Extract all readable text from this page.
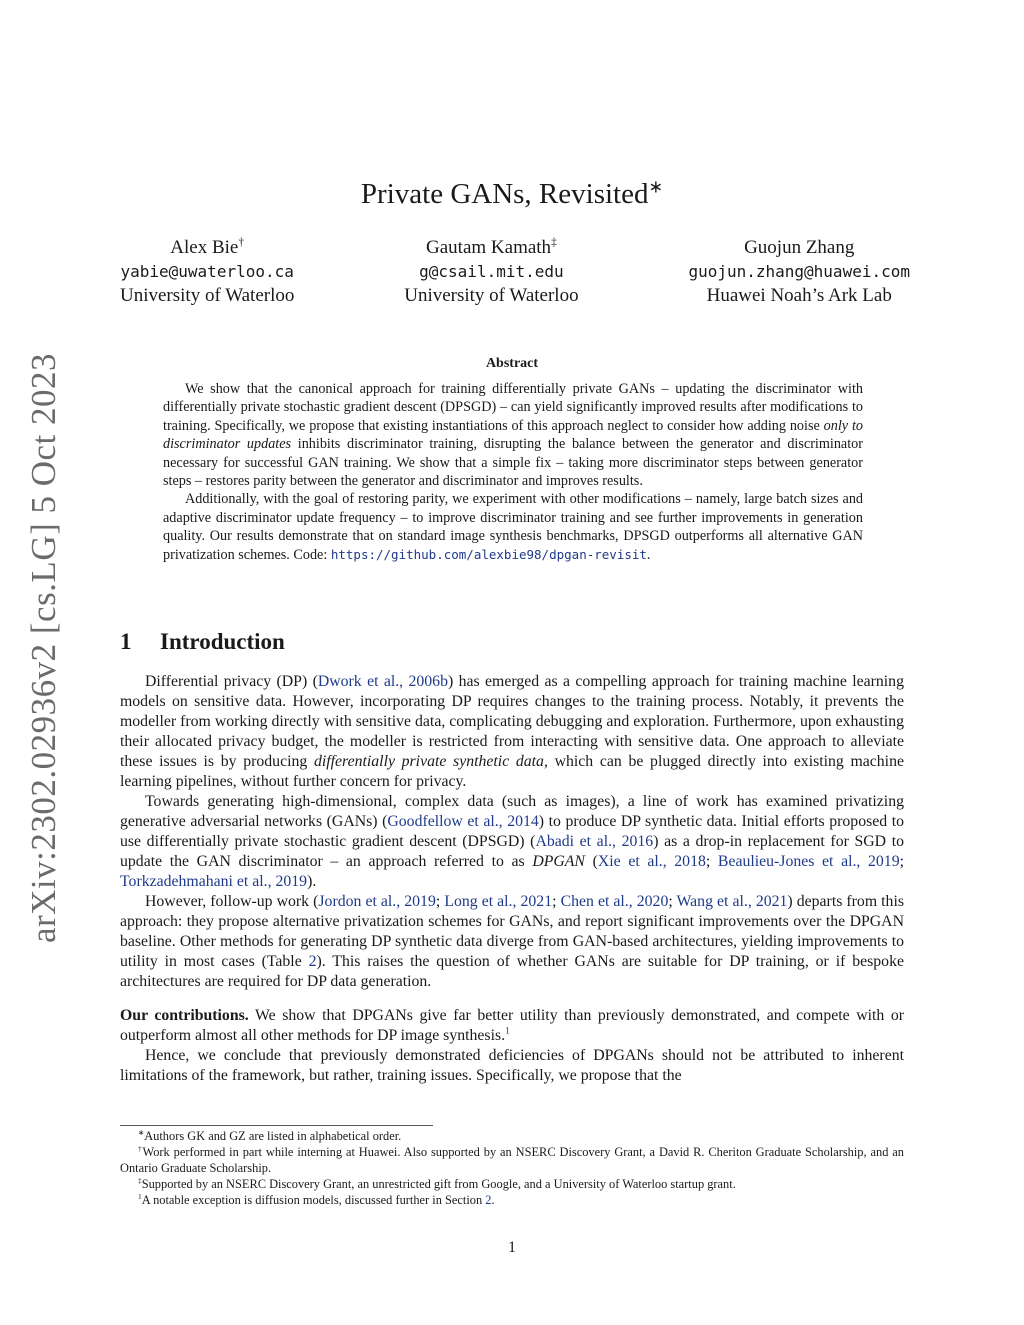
arXiv:2302.02936v2 [cs.LG] 5 Oct 2023
Private GANs, Revisited∗
Alex Bie†
yabie@uwaterloo.ca
University of Waterloo
Gautam Kamath‡
g@csail.mit.edu
University of Waterloo
Guojun Zhang
guojun.zhang@huawei.com
Huawei Noah’s Ark Lab
Abstract

We show that the canonical approach for training differentially private GANs – updating the discriminator with differentially private stochastic gradient descent (DPSGD) – can yield significantly improved results after modifications to training. Specifically, we propose that existing instantiations of this approach neglect to consider how adding noise only to discriminator updates inhibits discriminator training, disrupting the balance between the generator and discriminator necessary for successful GAN training. We show that a simple fix – taking more discriminator steps between generator steps – restores parity between the generator and discriminator and improves results.

Additionally, with the goal of restoring parity, we experiment with other modifications – namely, large batch sizes and adaptive discriminator update frequency – to improve discriminator training and see further improvements in generation quality. Our results demonstrate that on standard image synthesis benchmarks, DPSGD outperforms all alternative GAN privatization schemes. Code: https://github.com/alexbie98/dpgan-revisit.

1 Introduction

Differential privacy (DP) (Dwork et al., 2006b) has emerged as a compelling approach for training machine learning models on sensitive data. However, incorporating DP requires changes to the training process. Notably, it prevents the modeller from working directly with sensitive data, complicating debugging and exploration. Furthermore, upon exhausting their allocated privacy budget, the modeller is restricted from interacting with sensitive data. One approach to alleviate these issues is by producing differentially private synthetic data, which can be plugged directly into existing machine learning pipelines, without further concern for privacy.

Towards generating high-dimensional, complex data (such as images), a line of work has examined privatizing generative adversarial networks (GANs) (Goodfellow et al., 2014) to produce DP synthetic data. Initial efforts proposed to use differentially private stochastic gradient descent (DPSGD) (Abadi et al., 2016) as a drop-in replacement for SGD to update the GAN discriminator – an approach referred to as DPGAN (Xie et al., 2018; Beaulieu-Jones et al., 2019; Torkzadehmahani et al., 2019).

However, follow-up work (Jordon et al., 2019; Long et al., 2021; Chen et al., 2020; Wang et al., 2021) departs from this approach: they propose alternative privatization schemes for GANs, and report significant improvements over the DPGAN baseline. Other methods for generating DP synthetic data diverge from GAN-based architectures, yielding improvements to utility in most cases (Table 2). This raises the question of whether GANs are suitable for DP training, or if bespoke architectures are required for DP data generation.

Our contributions. We show that DPGANs give far better utility than previously demonstrated, and compete with or outperform almost all other methods for DP image synthesis.$^1$

Hence, we conclude that previously demonstrated deficiencies of DPGANs should not be attributed to inherent limitations of the framework, but rather, training issues. Specifically, we propose that the

∗Authors GK and GZ are listed in alphabetical order.

†Work performed in part while interning at Huawei. Also supported by an NSERC Discovery Grant, a David R. Cheriton Graduate Scholarship, and an Ontario Graduate Scholarship.

‡Supported by an NSERC Discovery Grant, an unrestricted gift from Google, and a University of Waterloo startup grant.

$^1$A notable exception is diffusion models, discussed further in Section 2.

1
